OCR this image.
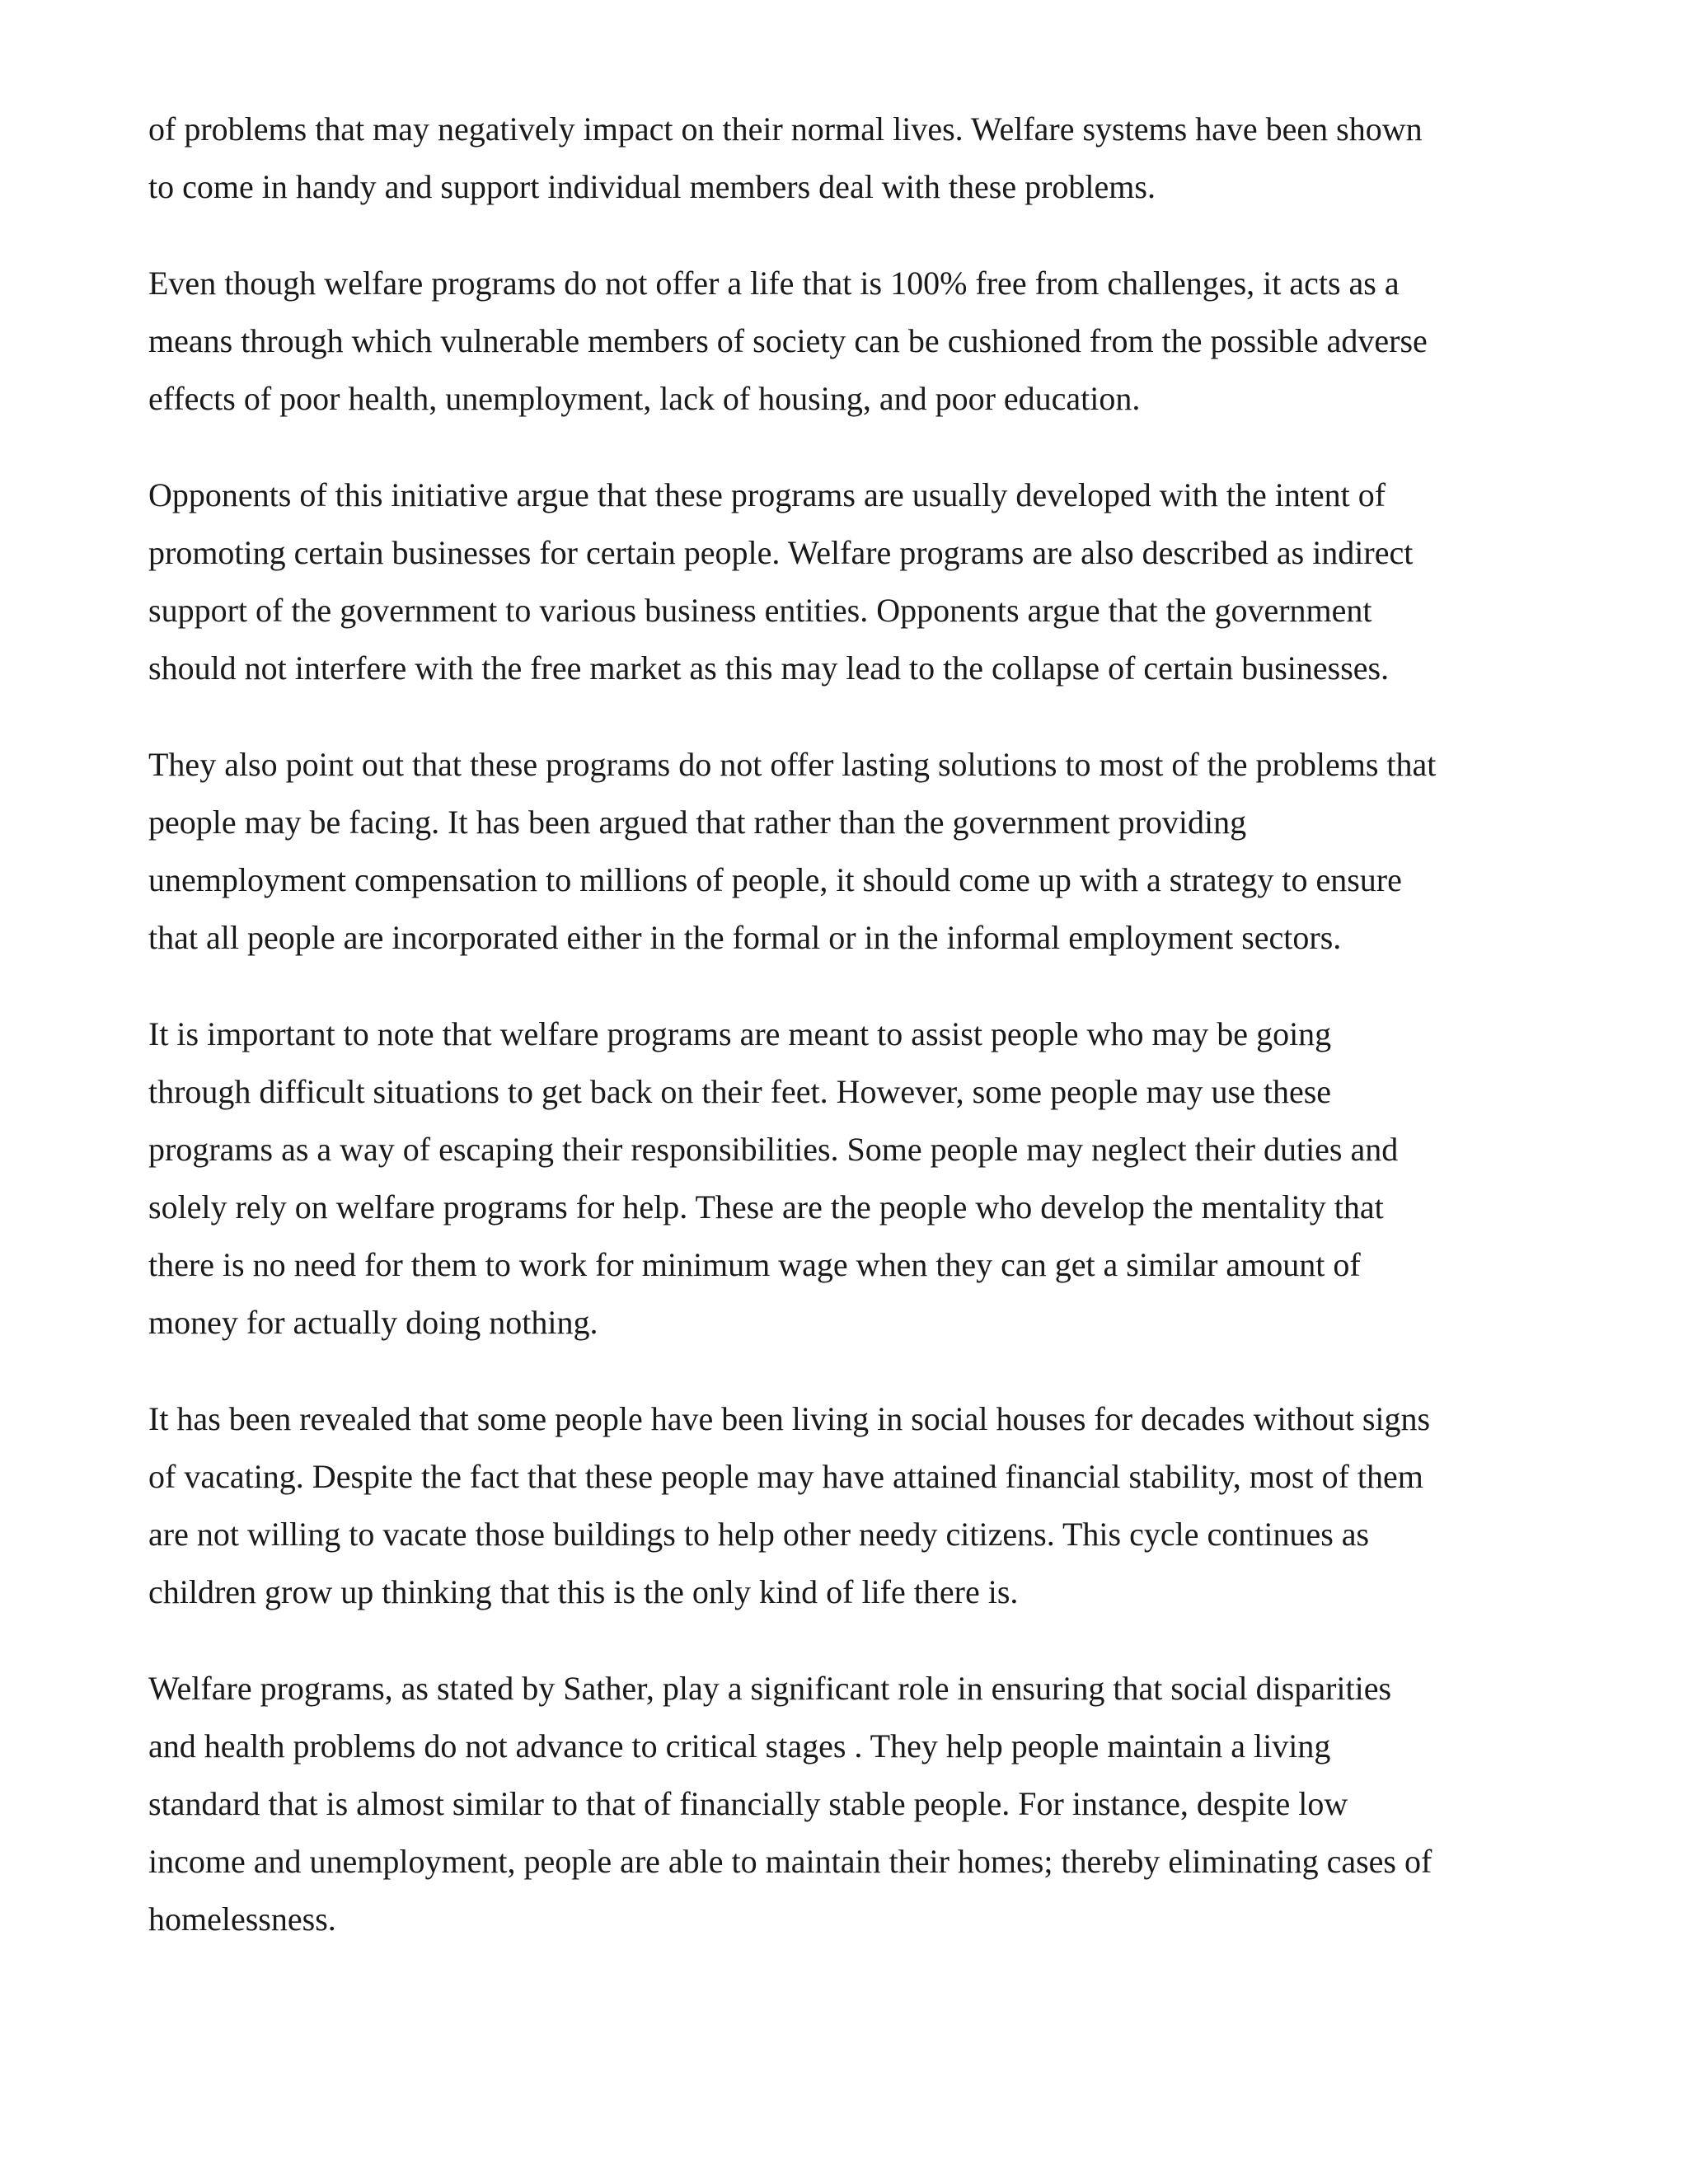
of problems that may negatively impact on their normal lives. Welfare systems have been shown
to come in handy and support individual members deal with these problems.

Even though welfare programs do not offer a life that is 100% free from challenges, it acts as a
means through which vulnerable members of society can be cushioned from the possible adverse
effects of poor health, unemployment, lack of housing, and poor education.

Opponents of this initiative argue that these programs are usually developed with the intent of
promoting certain businesses for certain people. Welfare programs are also described as indirect
support of the government to various business entities. Opponents argue that the government
should not interfere with the free market as this may lead to the collapse of certain businesses.

They also point out that these programs do not offer lasting solutions to most of the problems that
people may be facing. It has been argued that rather than the government providing
unemployment compensation to millions of people, it should come up with a strategy to ensure
that all people are incorporated either in the formal or in the informal employment sectors.

It is important to note that welfare programs are meant to assist people who may be going
through difficult situations to get back on their feet. However, some people may use these
programs as a way of escaping their responsibilities. Some people may neglect their duties and
solely rely on welfare programs for help. These are the people who develop the mentality that
there is no need for them to work for minimum wage when they can get a similar amount of
money for actually doing nothing.

It has been revealed that some people have been living in social houses for decades without signs
of vacating. Despite the fact that these people may have attained financial stability, most of them
are not willing to vacate those buildings to help other needy citizens. This cycle continues as
children grow up thinking that this is the only kind of life there is.

Welfare programs, as stated by Sather, play a significant role in ensuring that social disparities
and health problems do not advance to critical stages . They help people maintain a living
standard that is almost similar to that of financially stable people. For instance, despite low
income and unemployment, people are able to maintain their homes; thereby eliminating cases of
homelessness.
